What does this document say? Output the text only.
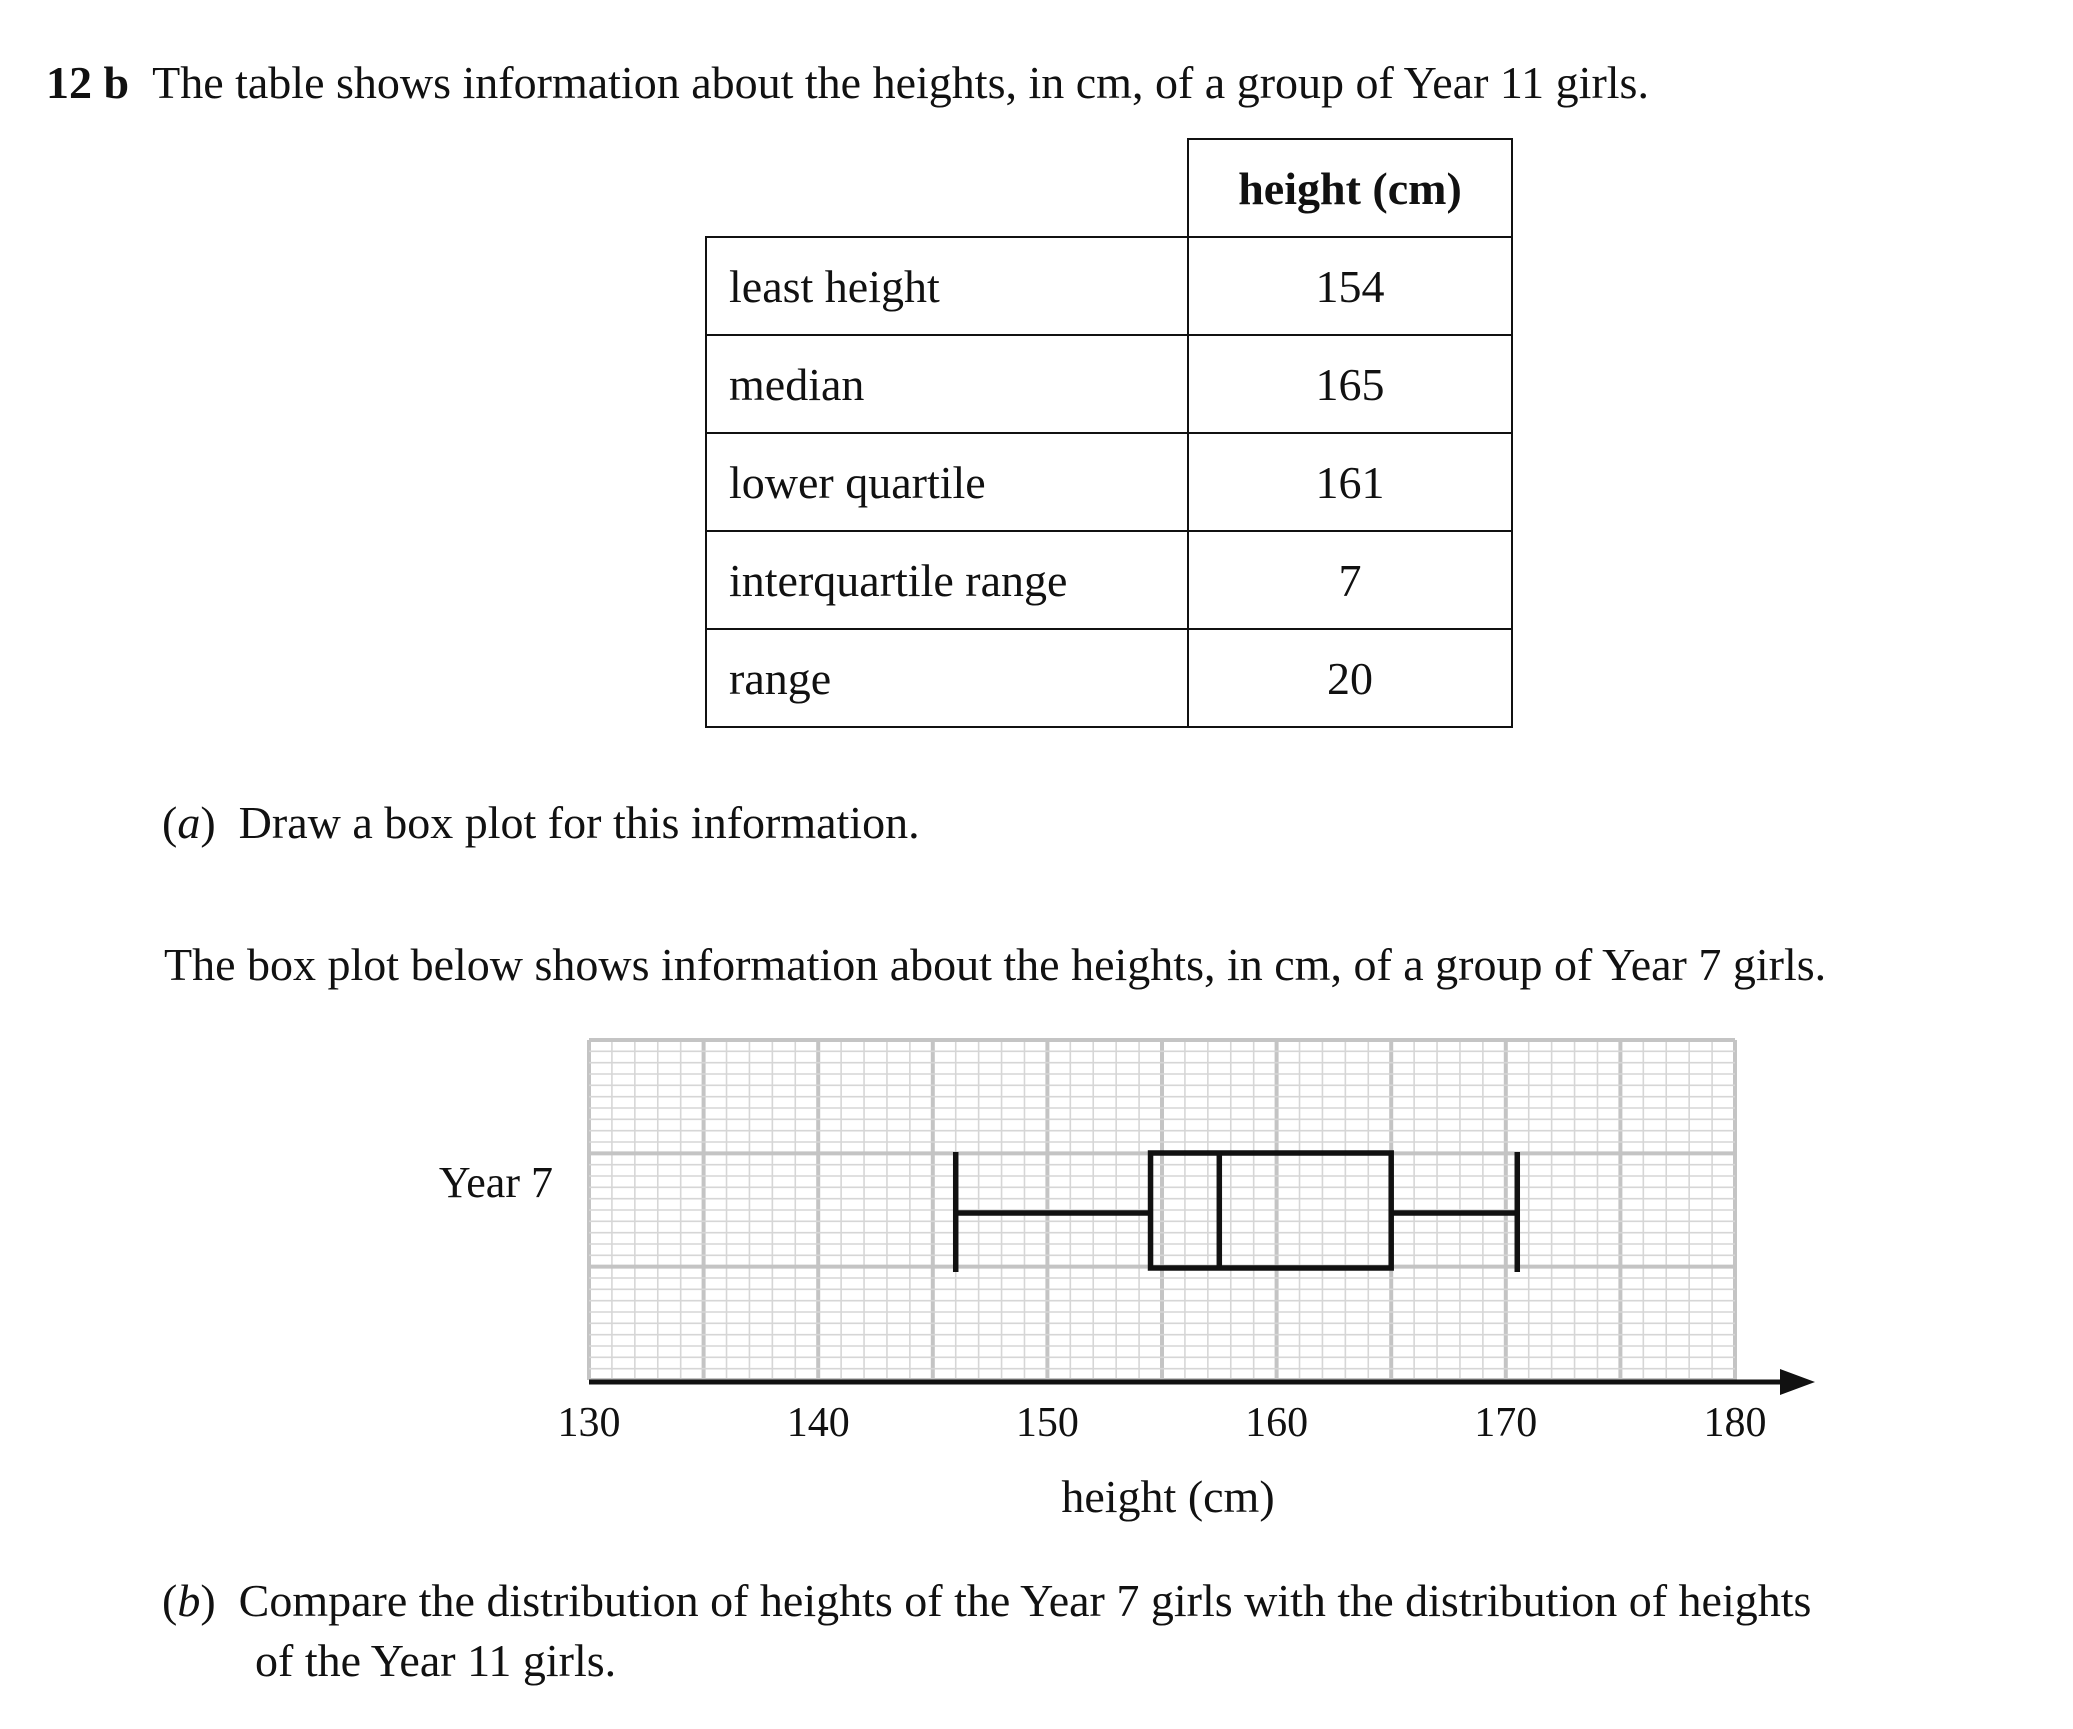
12 b The table shows information about the heights, in cm, of a group of Year 11 girls.
	height (cm)
least height	154
median	165
lower quartile	161
interquartile range	7
range	20
(a) Draw a box plot for this information.
The box plot below shows information about the heights, in cm, of a group of Year 7 girls.
130	140	150	160	170	180
height (cm)
Year 7
(b) Compare the distribution of heights of the Year 7 girls with the distribution of heights
of the Year 11 girls.
